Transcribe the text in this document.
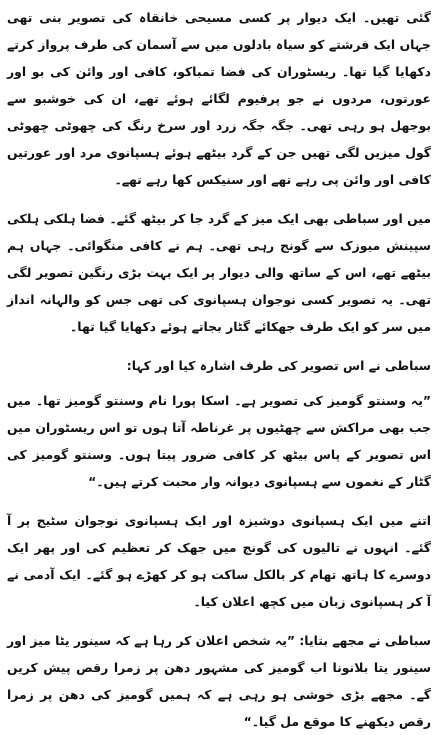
گئی تھیں۔ ایک دیوار پر کسی مسیحی خانقاہ کی تصویر بنی تھی جہاں ایک فرشتے کو سیاہ بادلوں میں سے آسمان کی طرف پرواز کرتے دکھایا گیا تھا۔ ریسٹوران کی فضا تمباکو، کافی اور وائن کی بو اور عورتوں، مردوں نے جو پرفیوم لگائے ہوئے تھے، ان کی خوشبو سے بوجھل ہو رہی تھی۔ جگہ جگہ زرد اور سرخ رنگ کی چھوٹی چھوٹی گول میزیں لگی تھیں جن کے گرد بیٹھے ہوئے ہسپانوی مرد اور عورتیں کافی اور وائن پی رہے تھے اور سنیکس کھا رہے تھے۔

میں اور سباطی بھی ایک میز کے گرد جا کر بیٹھ گئے۔ فضا ہلکی ہلکی سپینش میوزک سے گونج رہی تھی۔ ہم نے کافی منگوائی۔ جہاں ہم بیٹھے تھے، اس کے ساتھ والی دیوار پر ایک بہت بڑی رنگین تصویر لگی تھی۔ یہ تصویر کسی نوجوان ہسپانوی کی تھی جس کو والہانہ انداز میں سر کو ایک طرف جھکائے گٹار بجاتے ہوئے دکھایا گیا تھا۔

سباطی نے اس تصویر کی طرف اشارہ کیا اور کہا:

”یہ وسنتو گومیز کی تصویر ہے۔ اسکا پورا نام وسنتو گومیز تھا۔ میں جب بھی مراکش سے چھٹیوں پر غرناطہ آتا ہوں تو اس ریسٹوران میں اس تصویر کے پاس بیٹھ کر کافی ضرور پیتا ہوں۔ وسنتو گومیز کی گٹار کے نغموں سے ہسپانوی دیوانہ وار محبت کرتے ہیں۔“

اتنے میں ایک ہسپانوی دوشیزہ اور ایک ہسپانوی نوجوان سٹیج پر آ گئے۔ انہوں نے تالیوں کی گونج میں جھک کر تعظیم کی اور پھر ایک دوسرے کا ہاتھ تھام کر بالکل ساکت ہو کر کھڑے ہو گئے۔ ایک آدمی نے آ کر ہسپانوی زبان میں کچھ اعلان کیا۔

سباطی نے مجھے بتایا: ”یہ شخص اعلان کر رہا ہے کہ سینور یٹا میز اور سینور یتا بلانونا اب گومیز کی مشہور دھن پر زمرا رقص پیش کریں گے۔ مجھے بڑی خوشی ہو رہی ہے کہ ہمیں گومیز کی دھن پر زمرا رقص دیکھنے کا موقع مل گیا۔“
